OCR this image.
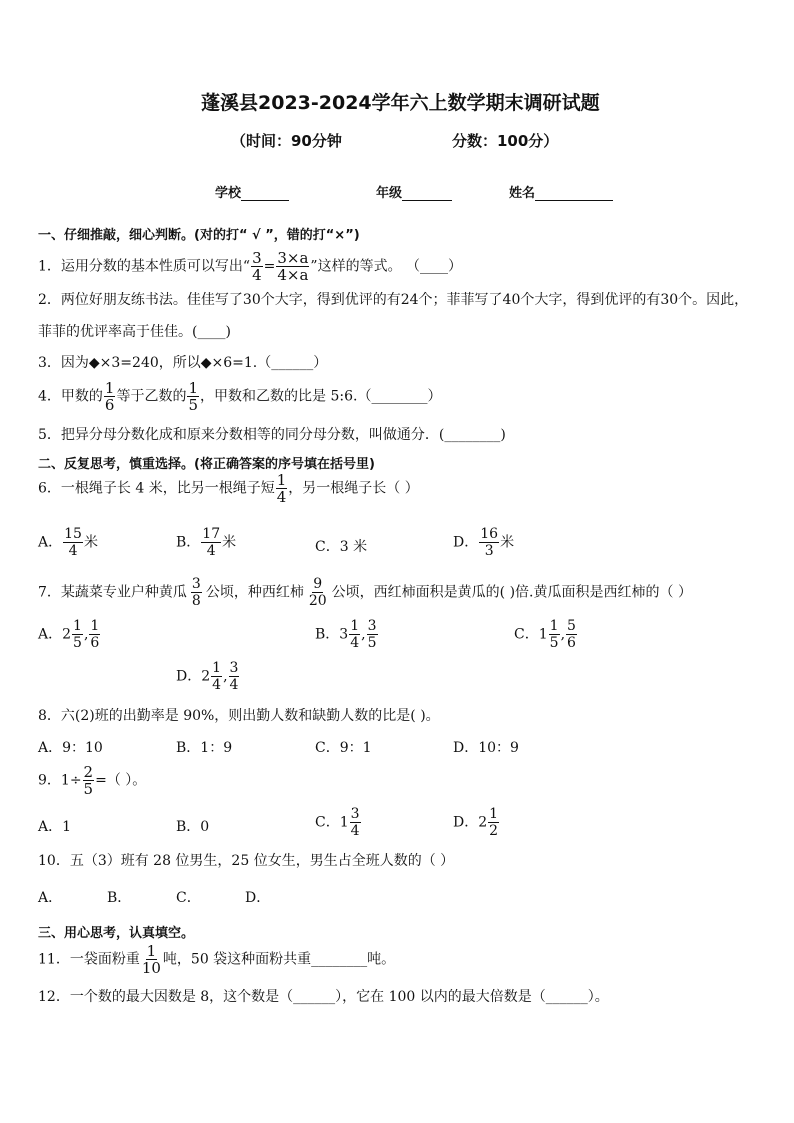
蓬溪县2023-2024学年六上数学期末调研试题
（时间：90分钟	分数：100分）
学校	年级	姓名
一、仔细推敲，细心判断。(对的打“ √ ”，错的打“×”)
1．运用分数的基本性质可以写出“ $\frac{3}{4} = \frac{3\times a}{4\times a}$ ”这样的等式。 （____）
2．两位好朋友练书法。佳佳写了30个大字，得到优评的有24个；菲菲写了40个大字，得到优评的有30个。因此，
菲菲的优评率高于佳佳。(____)
3．因为◆×3=240，所以◆×6=1.（______）
4．甲数的 $\frac{1}{6}$ 等于乙数的 $\frac{1}{5}$ ，甲数和乙数的比是 5:6.（________）
5．把异分母分数化成和原来分数相等的同分母分数，叫做通分．(________)
二、反复思考，慎重选择。(将正确答案的序号填在括号里)
6．一根绳子长 4 米，比另一根绳子短 $\frac{1}{4}$ ，另一根绳子长（ ）
A． $\frac{15}{4}$ 米	B． $\frac{17}{4}$ 米	C．3 米	D． $\frac{16}{3}$ 米
7．某蔬菜专业户种黄瓜 $\frac{3}{8}$ 公顷，种西红柿 $\frac{9}{20}$ 公顷，西红柿面积是黄瓜的( )倍.黄瓜面积是西红柿的（ ）
A．$2 \frac{1}{5}$ , $\frac{1}{6}$	B．$3 \frac{1}{4}$ , $\frac{3}{5}$	C．$1 \frac{1}{5}$ , $\frac{5}{6}$
D．$2 \frac{1}{4}$ , $\frac{3}{4}$
8．六(2)班的出勤率是 90%，则出勤人数和缺勤人数的比是( )。
A．9：10	B．1：9	C．9：1	D．10：9
9．$1\div \frac{2}{5}$ =（ ）。
A．1	B．0	C．$1 \frac{3}{4}$	D．$2 \frac{1}{2}$
10．五（3）班有 28 位男生，25 位女生，男生占全班人数的（ ）
A．	B．	C．	D．
三、用心思考，认真填空。
11．一袋面粉重 $\frac{1}{10}$ 吨，50 袋这种面粉共重________吨。
12．一个数的最大因数是 8，这个数是（______），它在 100 以内的最大倍数是（______）。
